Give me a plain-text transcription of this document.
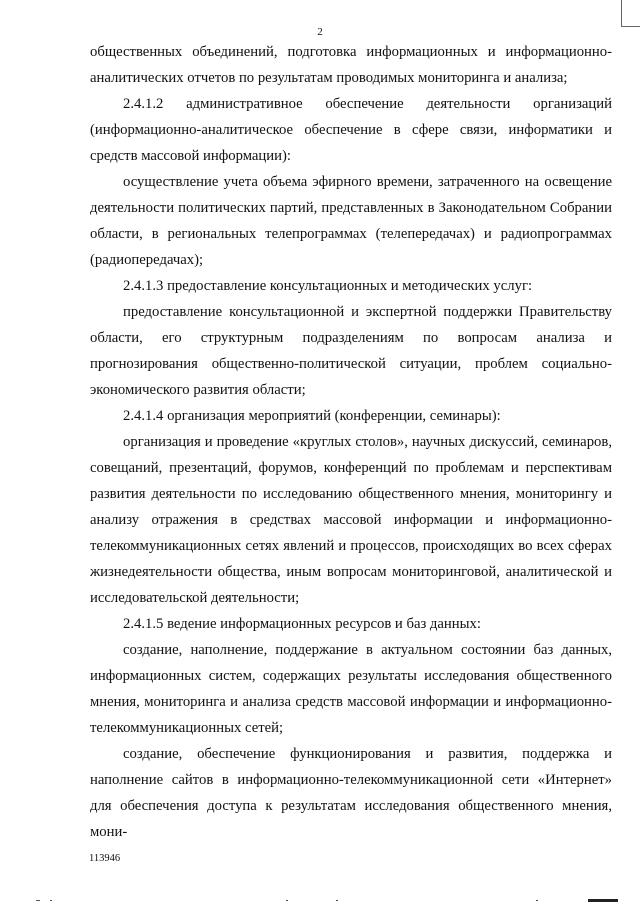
2

общественных объединений, подготовка информационных и информационно-аналитических отчетов по результатам проводимых мониторинга и анализа;

2.4.1.2 административное обеспечение деятельности организаций (информационно-аналитическое обеспечение в сфере связи, информатики и средств массовой информации):

осуществление учета объема эфирного времени, затраченного на освещение деятельности политических партий, представленных в Законодательном Собрании области, в региональных телепрограммах (телепередачах) и радиопрограммах (радиопередачах);

2.4.1.3 предоставление консультационных и методических услуг:

предоставление консультационной и экспертной поддержки Правительству области, его структурным подразделениям по вопросам анализа и прогнозирования общественно-политической ситуации, проблем социально-экономического развития области;

2.4.1.4 организация мероприятий (конференции, семинары):

организация и проведение «круглых столов», научных дискуссий, семинаров, совещаний, презентаций, форумов, конференций по проблемам и перспективам развития деятельности по исследованию общественного мнения, мониторингу и анализу отражения в средствах массовой информации и информационно-телекоммуникационных сетях явлений и процессов, происходящих во всех сферах жизнедеятельности общества, иным вопросам мониторинговой, аналитической и исследовательской деятельности;

2.4.1.5 ведение информационных ресурсов и баз данных:

создание, наполнение, поддержание в актуальном состоянии баз данных, информационных систем, содержащих результаты исследования общественного мнения, мониторинга и анализа средств массовой информации и информационно-телекоммуникационных сетей;

создание, обеспечение функционирования и развития, поддержка и наполнение сайтов в информационно-телекоммуникационной сети «Интернет» для обеспечения доступа к результатам исследования общественного мнения, мони-

113946
